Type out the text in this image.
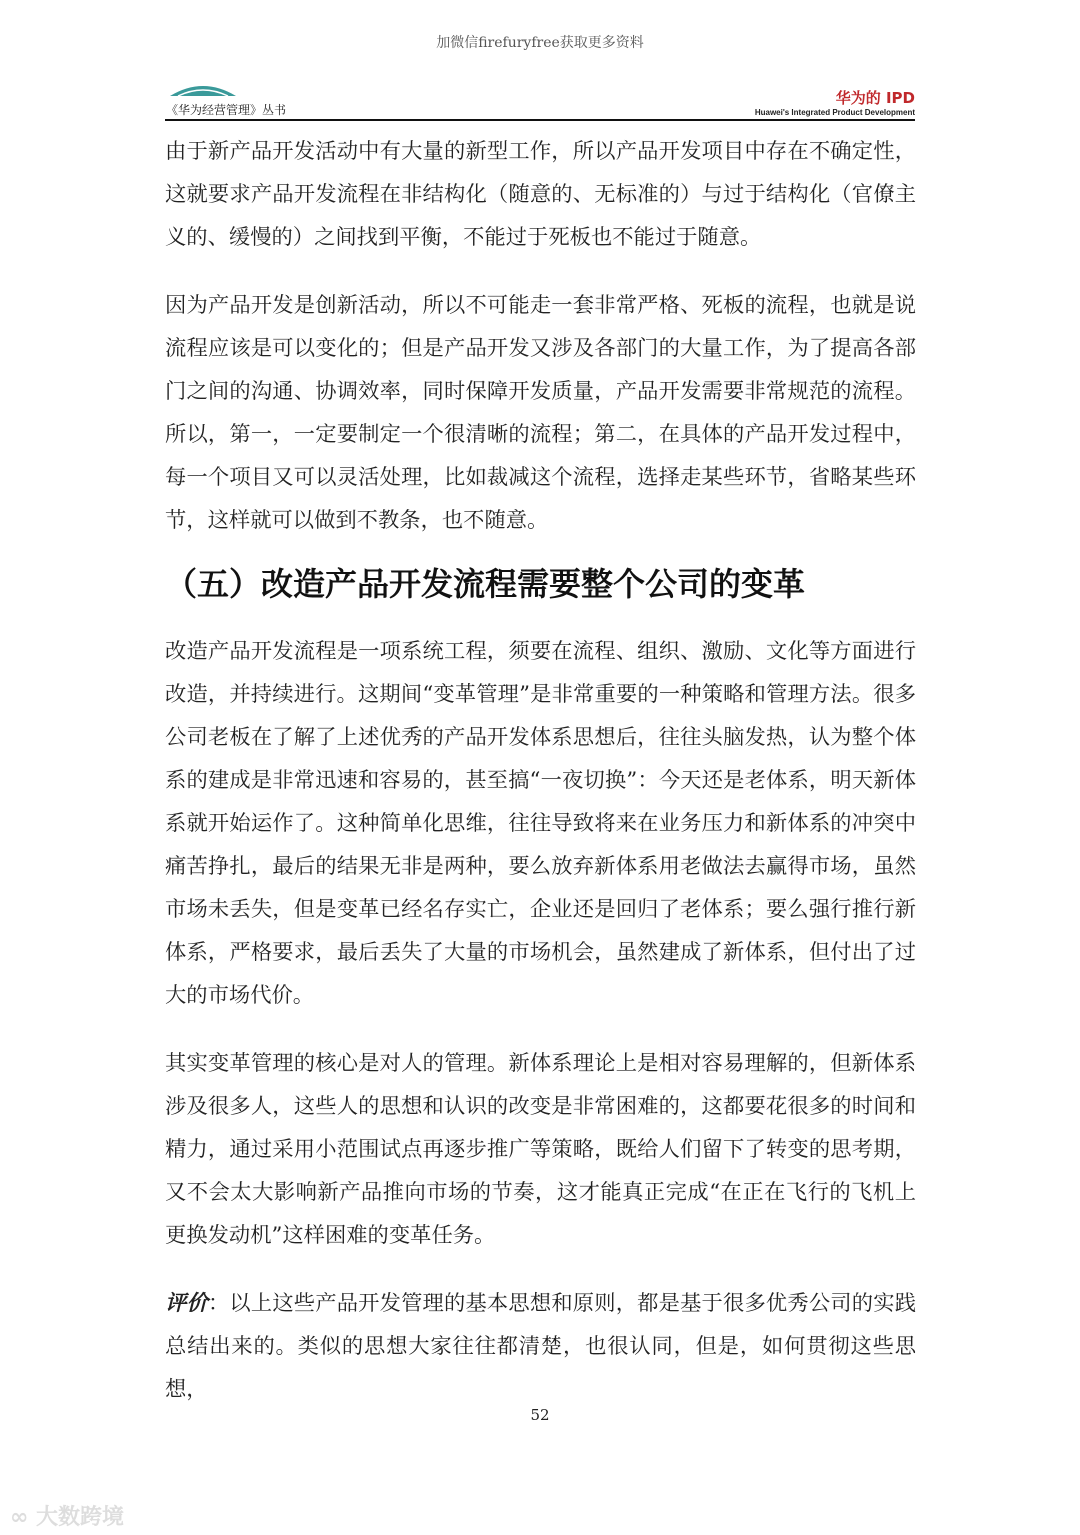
加微信firefuryfree获取更多资料
《华为经营管理》丛书
华为的 IPD
Huawei's Integrated Product Development

由于新产品开发活动中有大量的新型工作，所以产品开发项目中存在不确定性，这就要求产品开发流程在非结构化（随意的、无标准的）与过于结构化（官僚主义的、缓慢的）之间找到平衡，不能过于死板也不能过于随意。

因为产品开发是创新活动，所以不可能走一套非常严格、死板的流程，也就是说流程应该是可以变化的；但是产品开发又涉及各部门的大量工作，为了提高各部门之间的沟通、协调效率，同时保障开发质量，产品开发需要非常规范的流程。所以，第一，一定要制定一个很清晰的流程；第二，在具体的产品开发过程中，每一个项目又可以灵活处理，比如裁减这个流程，选择走某些环节，省略某些环节，这样就可以做到不教条，也不随意。

（五）改造产品开发流程需要整个公司的变革

改造产品开发流程是一项系统工程，须要在流程、组织、激励、文化等方面进行改造，并持续进行。这期间“变革管理”是非常重要的一种策略和管理方法。很多公司老板在了解了上述优秀的产品开发体系思想后，往往头脑发热，认为整个体系的建成是非常迅速和容易的，甚至搞“一夜切换”：今天还是老体系，明天新体系就开始运作了。这种简单化思维，往往导致将来在业务压力和新体系的冲突中痛苦挣扎，最后的结果无非是两种，要么放弃新体系用老做法去赢得市场，虽然市场未丢失，但是变革已经名存实亡，企业还是回归了老体系；要么强行推行新体系，严格要求，最后丢失了大量的市场机会，虽然建成了新体系，但付出了过大的市场代价。

其实变革管理的核心是对人的管理。新体系理论上是相对容易理解的，但新体系涉及很多人，这些人的思想和认识的改变是非常困难的，这都要花很多的时间和精力，通过采用小范围试点再逐步推广等策略，既给人们留下了转变的思考期，又不会太大影响新产品推向市场的节奏，这才能真正完成“在正在飞行的飞机上更换发动机”这样困难的变革任务。

评价：以上这些产品开发管理的基本思想和原则，都是基于很多优秀公司的实践总结出来的。类似的思想大家往往都清楚，也很认同，但是，如何贯彻这些思想，

52
∞ 大数跨境
